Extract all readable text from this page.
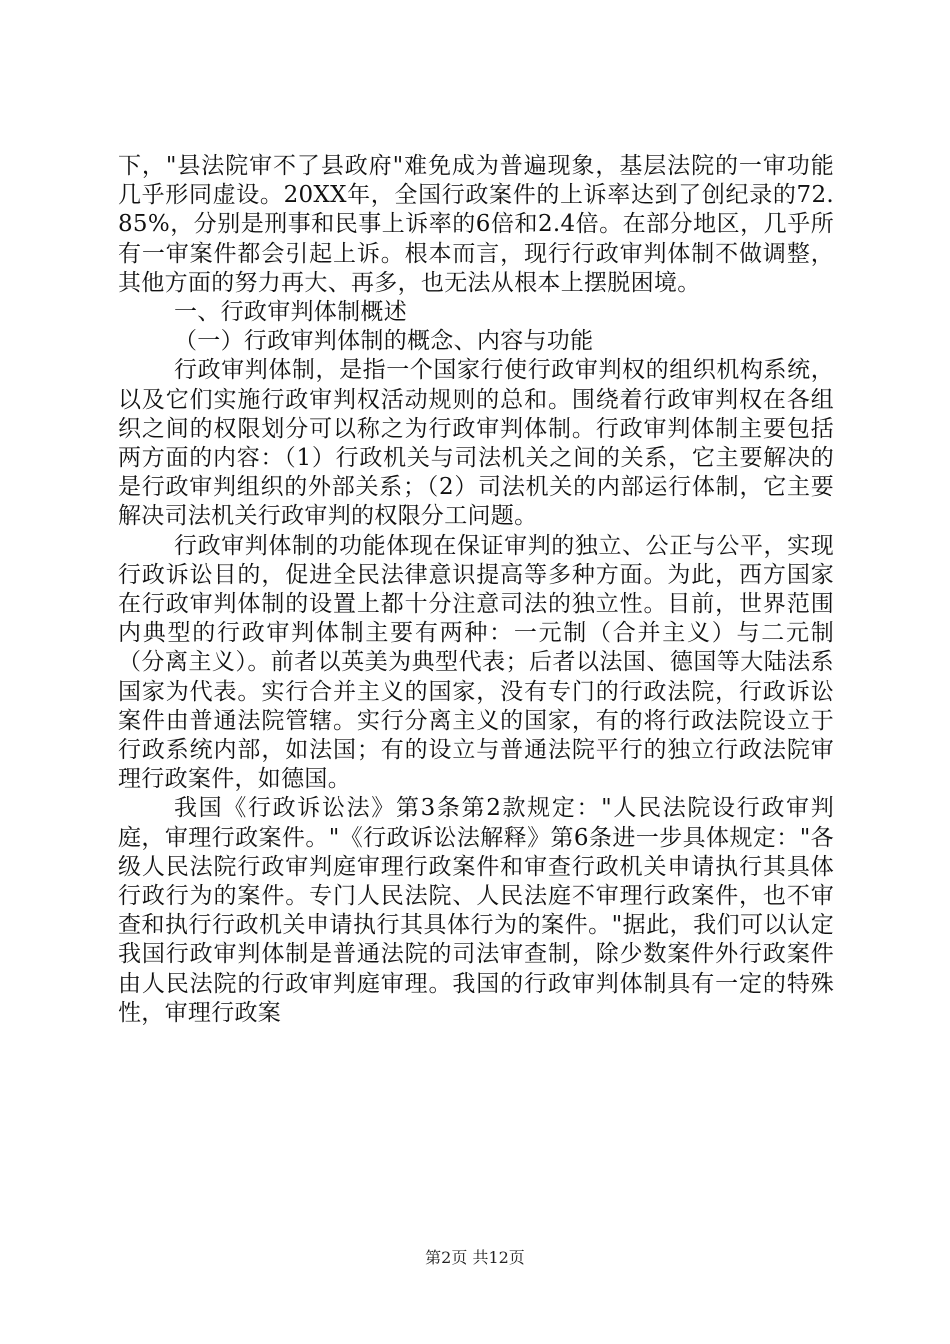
下，"县法院审不了县政府"难免成为普遍现象，基层法院的一审功能几乎形同虚设。20XX年，全国行政案件的上诉率达到了创纪录的72.85%，分别是刑事和民事上诉率的6倍和2.4倍。在部分地区，几乎所有一审案件都会引起上诉。根本而言，现行行政审判体制不做调整，其他方面的努力再大、再多，也无法从根本上摆脱困境。

一、行政审判体制概述

（一）行政审判体制的概念、内容与功能

行政审判体制，是指一个国家行使行政审判权的组织机构系统，以及它们实施行政审判权活动规则的总和。围绕着行政审判权在各组织之间的权限划分可以称之为行政审判体制。行政审判体制主要包括两方面的内容：（1）行政机关与司法机关之间的关系，它主要解决的是行政审判组织的外部关系；（2）司法机关的内部运行体制，它主要解决司法机关行政审判的权限分工问题。

行政审判体制的功能体现在保证审判的独立、公正与公平，实现行政诉讼目的，促进全民法律意识提高等多种方面。为此，西方国家在行政审判体制的设置上都十分注意司法的独立性。目前，世界范围内典型的行政审判体制主要有两种：一元制（合并主义）与二元制（分离主义）。前者以英美为典型代表；后者以法国、德国等大陆法系国家为代表。实行合并主义的国家，没有专门的行政法院，行政诉讼案件由普通法院管辖。实行分离主义的国家，有的将行政法院设立于行政系统内部，如法国；有的设立与普通法院平行的独立行政法院审理行政案件，如德国。

我国《行政诉讼法》第3条第2款规定："人民法院设行政审判庭，审理行政案件。"《行政诉讼法解释》第6条进一步具体规定："各级人民法院行政审判庭审理行政案件和审查行政机关申请执行其具体行政行为的案件。专门人民法院、人民法庭不审理行政案件，也不审查和执行行政机关申请执行其具体行为的案件。"据此，我们可以认定我国行政审判体制是普通法院的司法审查制，除少数案件外行政案件由人民法院的行政审判庭审理。我国的行政审判体制具有一定的特殊性，审理行政案

第2页 共12页
